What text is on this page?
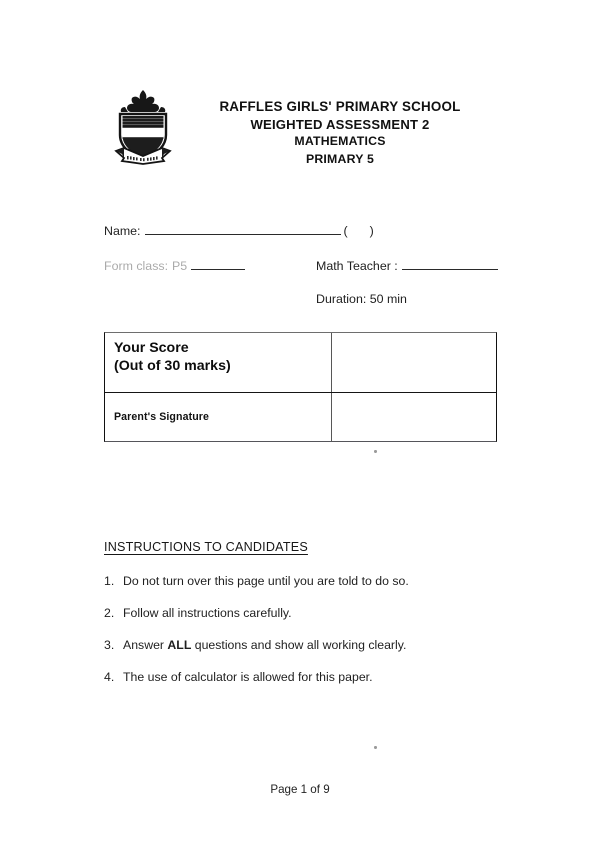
RAFFLES GIRLS' PRIMARY SCHOOL
WEIGHTED ASSESSMENT 2
MATHEMATICS
PRIMARY 5
Name:	( )
Form class: P5	Math Teacher :
Duration: 50 min
Your Score
(Out of 30 marks)
Parent's Signature
INSTRUCTIONS TO CANDIDATES
1. Do not turn over this page until you are told to do so.
2. Follow all instructions carefully.
3. Answer ALL questions and show all working clearly.
4. The use of calculator is allowed for this paper.
Page 1 of 9
